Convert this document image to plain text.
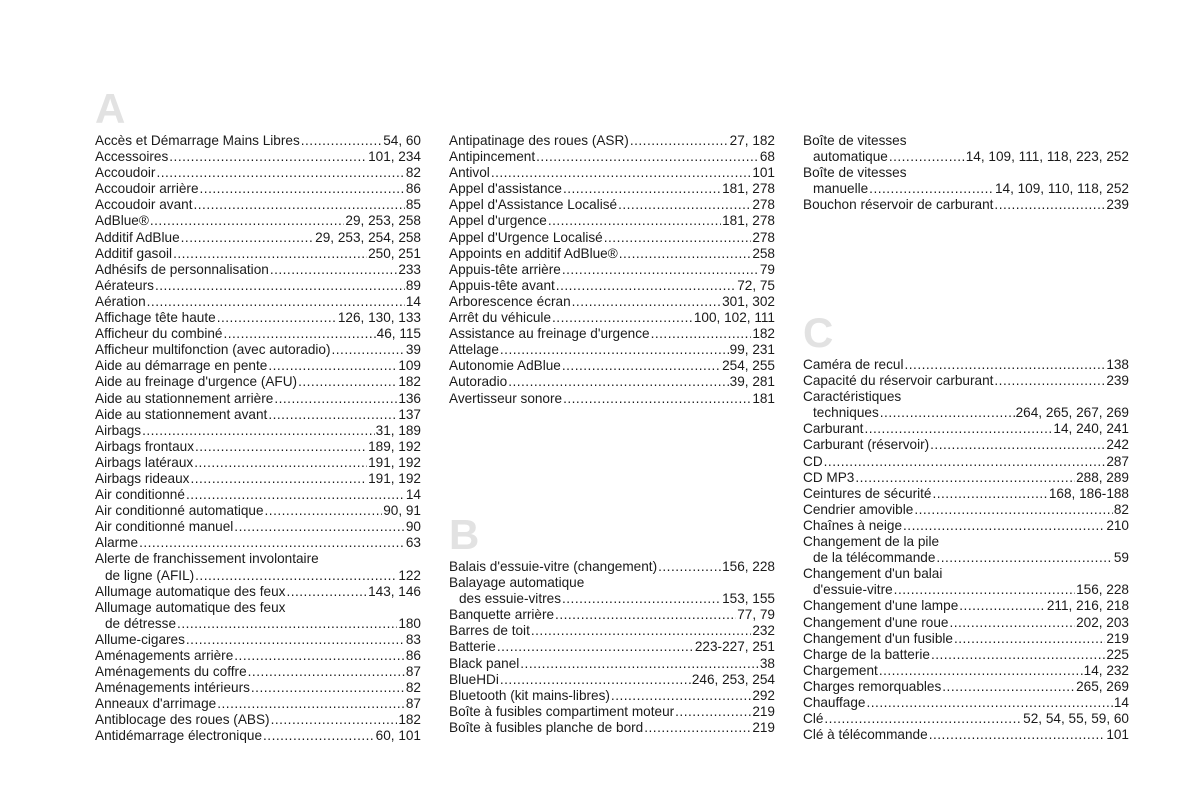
A
Accès et Démarrage Mains Libres .....	54, 60
Accessoires .....	101, 234
Accoudoir .....	82
Accoudoir arrière .....	86
Accoudoir avant .....	85
AdBlue® .....	29, 253, 258
Additif AdBlue .....	29, 253, 254, 258
Additif gasoil .....	250, 251
Adhésifs de personnalisation .....	233
Aérateurs .....	89
Aération .....	14
Affichage tête haute .....	126, 130, 133
Afficheur du combiné .....	46, 115
Afficheur multifonction (avec autoradio) .....	39
Aide au démarrage en pente .....	109
Aide au freinage d'urgence (AFU) .....	182
Aide au stationnement arrière .....	136
Aide au stationnement avant .....	137
Airbags .....	31, 189
Airbags frontaux .....	189, 192
Airbags latéraux .....	191, 192
Airbags rideaux .....	191, 192
Air conditionné .....	14
Air conditionné automatique .....	90, 91
Air conditionné manuel .....	90
Alarme .....	63
Alerte de franchissement involontaire
de ligne (AFIL) .....	122
Allumage automatique des feux .....	143, 146
Allumage automatique des feux
de détresse .....	180
Allume-cigares .....	83
Aménagements arrière .....	86
Aménagements du coffre .....	87
Aménagements intérieurs .....	82
Anneaux d'arrimage .....	87
Antiblocage des roues (ABS) .....	182
Antidémarrage électronique .....	60, 101
Antipatinage des roues (ASR) .....	27, 182
Antipincement .....	68
Antivol .....	101
Appel d'assistance .....	181, 278
Appel d'Assistance Localisé .....	278
Appel d'urgence .....	181, 278
Appel d'Urgence Localisé .....	278
Appoints en additif AdBlue® .....	258
Appuis-tête arrière .....	79
Appuis-tête avant .....	72, 75
Arborescence écran .....	301, 302
Arrêt du véhicule .....	100, 102, 111
Assistance au freinage d'urgence .....	182
Attelage .....	99, 231
Autonomie AdBlue .....	254, 255
Autoradio .....	39, 281
Avertisseur sonore .....	181
B
Balais d'essuie-vitre (changement) .....	156, 228
Balayage automatique
des essuie-vitres .....	153, 155
Banquette arrière .....	77, 79
Barres de toit .....	232
Batterie .....	223-227, 251
Black panel .....	38
BlueHDi .....	246, 253, 254
Bluetooth (kit mains-libres) .....	292
Boîte à fusibles compartiment moteur .....	219
Boîte à fusibles planche de bord .....	219
Boîte de vitesses
automatique .....	14, 109, 111, 118, 223, 252
Boîte de vitesses
manuelle .....	14, 109, 110, 118, 252
Bouchon réservoir de carburant .....	239
C
Caméra de recul .....	138
Capacité du réservoir carburant .....	239
Caractéristiques
techniques .....	264, 265, 267, 269
Carburant .....	14, 240, 241
Carburant (réservoir) .....	242
CD .....	287
CD MP3 .....	288, 289
Ceintures de sécurité .....	168, 186-188
Cendrier amovible .....	82
Chaînes à neige .....	210
Changement de la pile
de la télécommande .....	59
Changement d'un balai
d'essuie-vitre .....	156, 228
Changement d'une lampe .....	211, 216, 218
Changement d'une roue .....	202, 203
Changement d'un fusible .....	219
Charge de la batterie .....	225
Chargement .....	14, 232
Charges remorquables .....	265, 269
Chauffage .....	14
Clé .....	52, 54, 55, 59, 60
Clé à télécommande .....	101
